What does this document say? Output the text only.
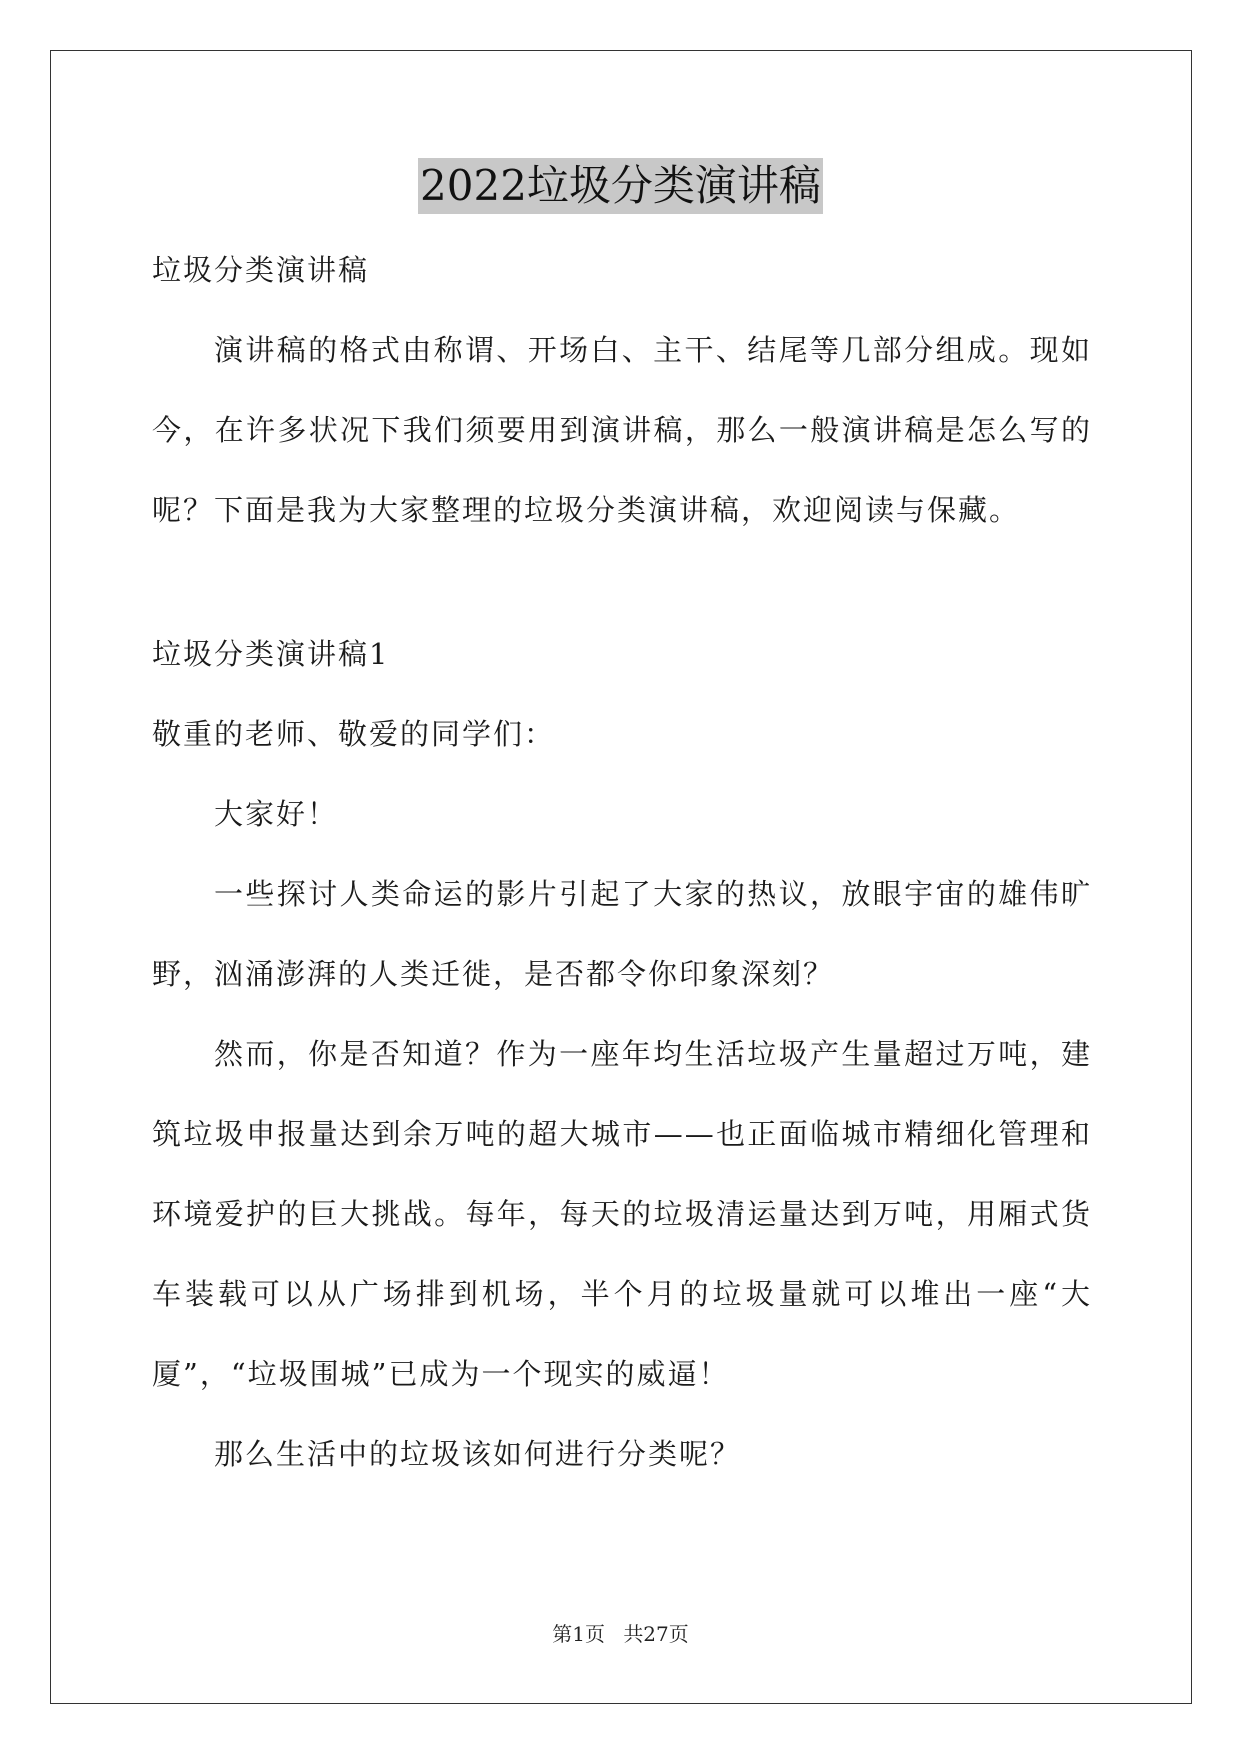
2022垃圾分类演讲稿

垃圾分类演讲稿

演讲稿的格式由称谓、开场白、主干、结尾等几部分组成。现如今，在许多状况下我们须要用到演讲稿，那么一般演讲稿是怎么写的呢？下面是我为大家整理的垃圾分类演讲稿，欢迎阅读与保藏。

垃圾分类演讲稿1

敬重的老师、敬爱的同学们：

大家好！

一些探讨人类命运的影片引起了大家的热议，放眼宇宙的雄伟旷野，汹涌澎湃的人类迁徙，是否都令你印象深刻？

然而，你是否知道？作为一座年均生活垃圾产生量超过万吨，建筑垃圾申报量达到余万吨的超大城市——也正面临城市精细化管理和环境爱护的巨大挑战。每年，每天的垃圾清运量达到万吨，用厢式货车装载可以从广场排到机场，半个月的垃圾量就可以堆出一座“大厦”，“垃圾围城”已成为一个现实的威逼！

那么生活中的垃圾该如何进行分类呢？

第1页 共27页
